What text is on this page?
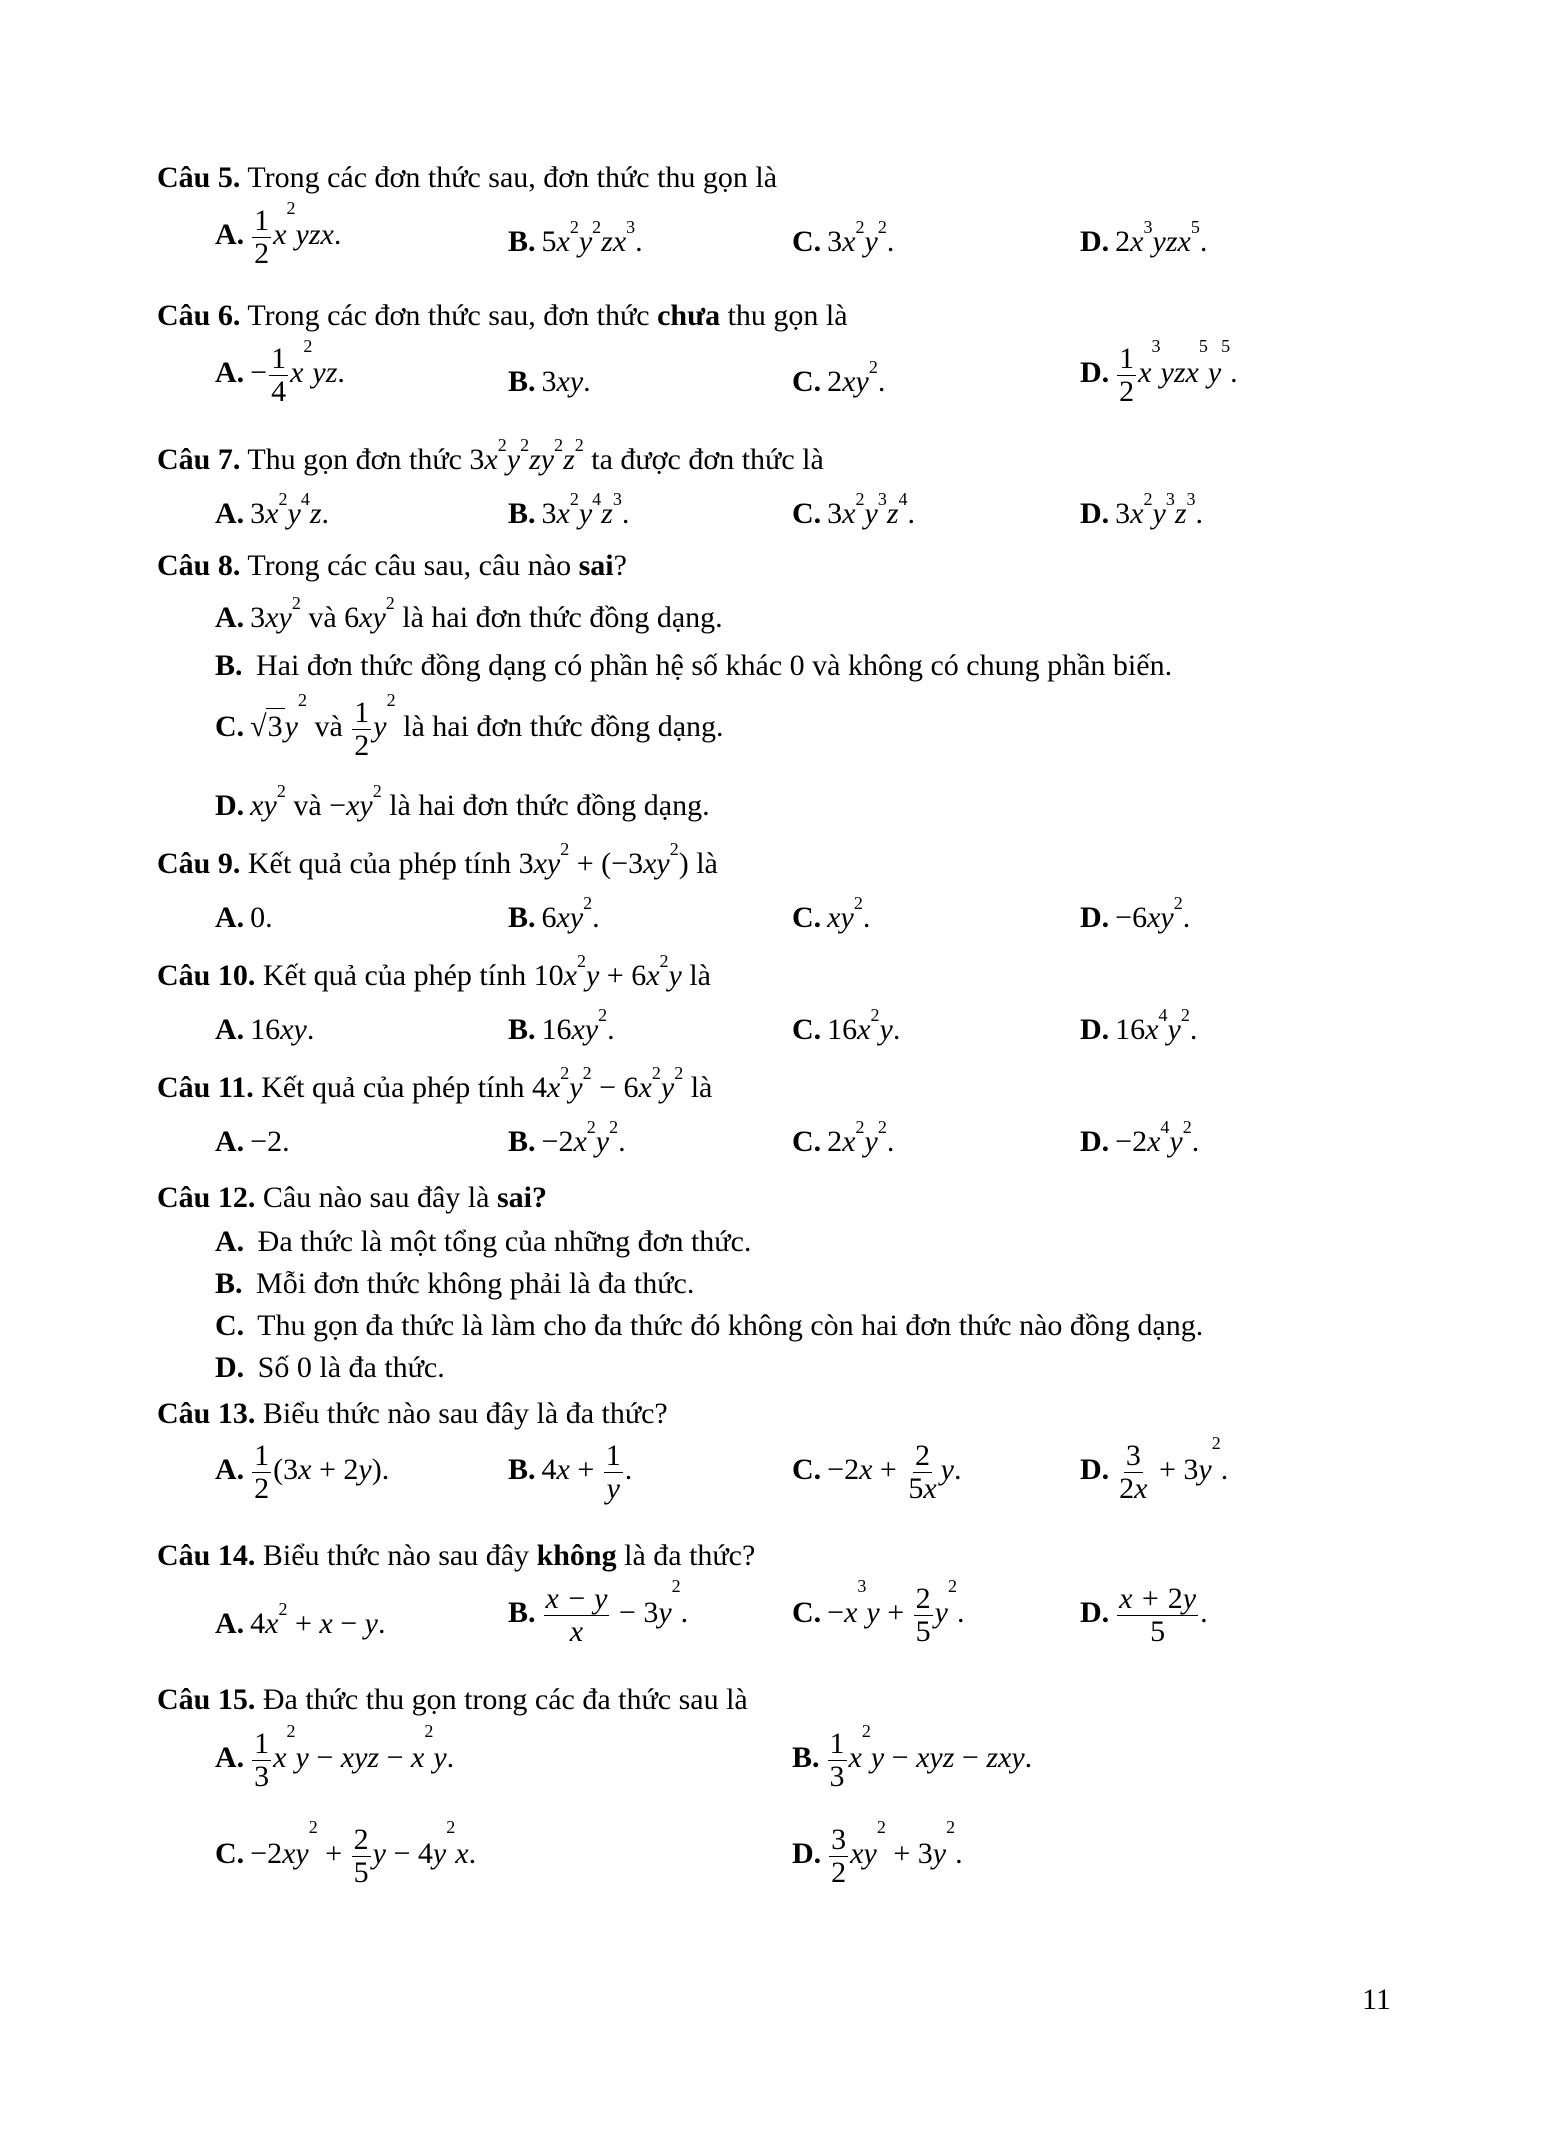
Câu 5. Trong các đơn thức sau, đơn thức thu gọn là
A. $\frac{1}{2} x^2yzx$.	B. $5x^2y^2zx^3$.	C. $3x^2y^2$.	D. $2x^3yzx^5$.
Câu 6. Trong các đơn thức sau, đơn thức chưa thu gọn là
A. − $\frac{1}{4} x^2yz$.	B. 3xy.	C. $2xy^2$.	D. $\frac{1}{2} x^3yzx^5y^5$.
Câu 7. Thu gọn đơn thức $3x^2y^2zy^2z^2$ ta được đơn thức là
A. $3x^2y^4z$.	B. $3x^2y^4z^3$.	C. $3x^2y^3z^4$.	D. $3x^2y^3z^3$.
Câu 8. Trong các câu sau, câu nào sai?
A. $3xy^2$ và $6xy^2$ là hai đơn thức đồng dạng.
B. Hai đơn thức đồng dạng có phần hệ số khác 0 và không có chung phần biến.
C. $√3y^2$ và $\frac{1}{2} y^2$ là hai đơn thức đồng dạng.
D. $xy^2$ và $-xy^2$ là hai đơn thức đồng dạng.
Câu 9. Kết quả của phép tính $3xy^2 + (-3xy^2)$ là
A. 0.	B. $6xy^2$.	C. $xy^2$.	D. $-6xy^2$.
Câu 10. Kết quả của phép tính $10x^2y + 6x^2y$ là
A. 16xy.	B. $16xy^2$.	C. $16x^2y$.	D. $16x^4y^2$.
Câu 11. Kết quả của phép tính $4x^2y^2 - 6x^2y^2$ là
A. −2.	B. $-2x^2y^2$.	C. $2x^2y^2$.	D. $-2x^4y^2$.
Câu 12. Câu nào sau đây là sai?
A. Đa thức là một tổng của những đơn thức.
B. Mỗi đơn thức không phải là đa thức.
C. Thu gọn đa thức là làm cho đa thức đó không còn hai đơn thức nào đồng dạng.
D. Số 0 là đa thức.
Câu 13. Biểu thức nào sau đây là đa thức?
A. $\frac{1}{2} (3x + 2y)$.	B. $4x + \frac{1}{y}$ .	C. $-2x + \frac{2}{5x} y$.	D. $\frac{3}{2x} + 3y^2$.
Câu 14. Biểu thức nào sau đây không là đa thức?
A. $4x^2 + x - y$.	B. $\frac{x - y}{x} - 3y^2$.	C. $-x^3y + \frac{2}{5} y^2$.	D. $\frac{x + 2y}{5}$ .
Câu 15. Đa thức thu gọn trong các đa thức sau là
A. $\frac{1}{3} x^2y$ − xyz − $x^2y$.	B. $\frac{1}{3} x^2y$ − xyz − zxy.
C. $-2xy^2 + \frac{2}{5}$ $y - 4y^2x$.	D. $\frac{3}{2} xy^2 + 3y^2$.
11
